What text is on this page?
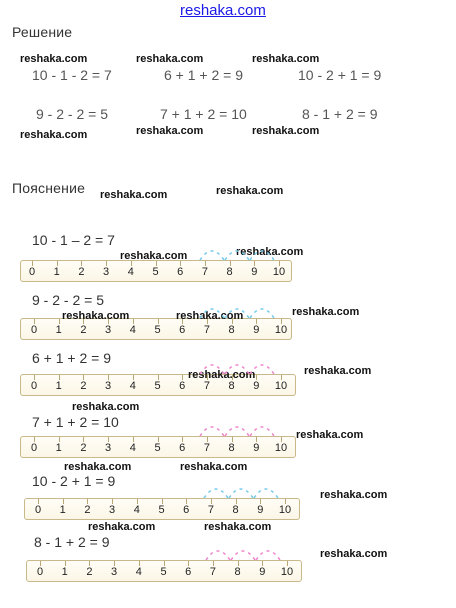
reshaka.com
Решение
reshaka.com	reshaka.com	reshaka.com
10 - 1 - 2 = 7	6 + 1 + 2 = 9	10 - 2 + 1 = 9
9 - 2 - 2 = 5	7 + 1 + 2 = 10	8 - 1 + 2 = 9
reshaka.com	reshaka.com	reshaka.com
Пояснение reshaka.com	reshaka.com
10 - 1 – 2 = 7
0 1 2 3 4 5 6 7 8 9 10
reshaka.com	reshaka.com
9 - 2 - 2 = 5
0 1 2 3 4 5 6 7 8 9 10
reshaka.com	reshaka.com	reshaka.com
6 + 1 + 2 = 9
0 1 2 3 4 5 6 7 8 9 10
reshaka.com	reshaka.com
reshaka.com
7 + 1 + 2 = 10
0 1 2 3 4 5 6 7 8 9 10
reshaka.com
reshaka.com	reshaka.com
10 - 2 + 1 = 9
0 1 2 3 4 5 6 7 8 9 10
reshaka.com
reshaka.com	reshaka.com
8 - 1 + 2 = 9
0 1 2 3 4 5 6 7 8 9 10
reshaka.com
